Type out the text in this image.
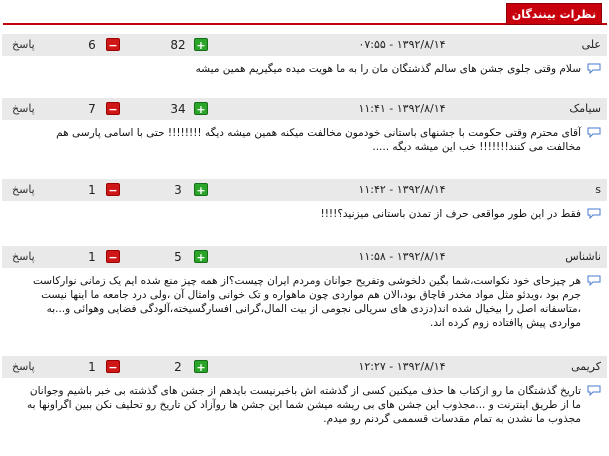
نظرات بینندگان
پاسخ	6	−	82 +	۱۳۹۲/۸/۱۴ - ۰۷:۵۵	علی
سلام وقتی جلوی جشن های سالم گذشتگان مان را به ما هویت میده میگیریم همین میشه
پاسخ	7	−	34 +	۱۳۹۲/۸/۱۴ - ۱۱:۴۱	سیامک
آقای محترم وقتی حکومت با جشنهای باستانی خودمون مخالفت میکنه همین میشه دیگه !!!!!!!! حتی با اسامی پارسی هم مخالفت می کنند!!!!!!! خب این میشه دیگه .....
پاسخ	1	−	3	+	۱۳۹۲/۸/۱۴ - ۱۱:۴۲	s
فقط در این طور مواقعی حرف از تمدن باستانی میزنید؟!!!!
پاسخ	1	−	5	+	۱۳۹۲/۸/۱۴ - ۱۱:۵۸	ناشناس
هر چیزحای خود نکواست،شما بگین دلخوشی وتفریح جوانان ومردم ایران چیست؟از همه چیز منع شده ایم یک زمانی نوارکاست جرم بود ،ویدئو مثل مواد مخدر قاچاق بود،الان هم مواردی چون ماهواره و تک خوانی وامثال آن ،ولی درد جامعه ما اینها نیست ،متاسفانه اصل را بیخیال شده اند(دزدی های سریالی نجومی از بیت المال،گرانی افسارگسیخته،آلودگی فضایی وهوائی و...به مواردی پیش پاافتاده زوم کرده اند.
پاسخ	1	−	2	+	۱۳۹۲/۸/۱۴ - ۱۲:۲۷	کریمی
تاریخ گذشتگان ما رو ازکتاب ها حذف میکنین کسی از گذشته اش باخبرنیست بایدهم از جشن های گذشته بی خبر باشیم وجوانان ما از طریق اینترنت و ...مجذوب این جشن های بی ریشه میشن شما این جشن ها روآزاد کن تاریخ رو تحلیف نکن ببین اگراونها به مجذوب ما نشدن به تمام مقدسات قسممی گردنم رو میدم.
